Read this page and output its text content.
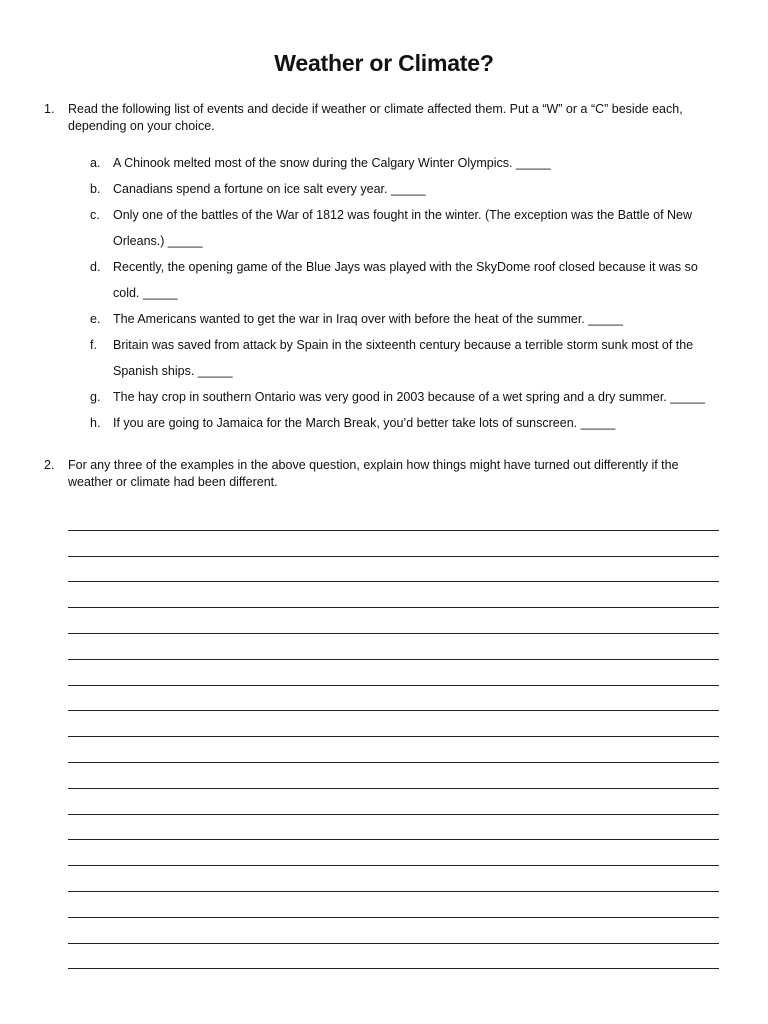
Weather or Climate?
1. Read the following list of events and decide if weather or climate affected them. Put a “W” or a “C” beside each, depending on your choice.
a. A Chinook melted most of the snow during the Calgary Winter Olympics. _____
b. Canadians spend a fortune on ice salt every year. _____
c. Only one of the battles of the War of 1812 was fought in the winter. (The exception was the Battle of New Orleans.) _____
d. Recently, the opening game of the Blue Jays was played with the SkyDome roof closed because it was so cold. _____
e. The Americans wanted to get the war in Iraq over with before the heat of the summer. _____
f. Britain was saved from attack by Spain in the sixteenth century because a terrible storm sunk most of the Spanish ships. _____
g. The hay crop in southern Ontario was very good in 2003 because of a wet spring and a dry summer. _____
h. If you are going to Jamaica for the March Break, you’d better take lots of sunscreen. _____
2. For any three of the examples in the above question, explain how things might have turned out differently if the weather or climate had been different.
